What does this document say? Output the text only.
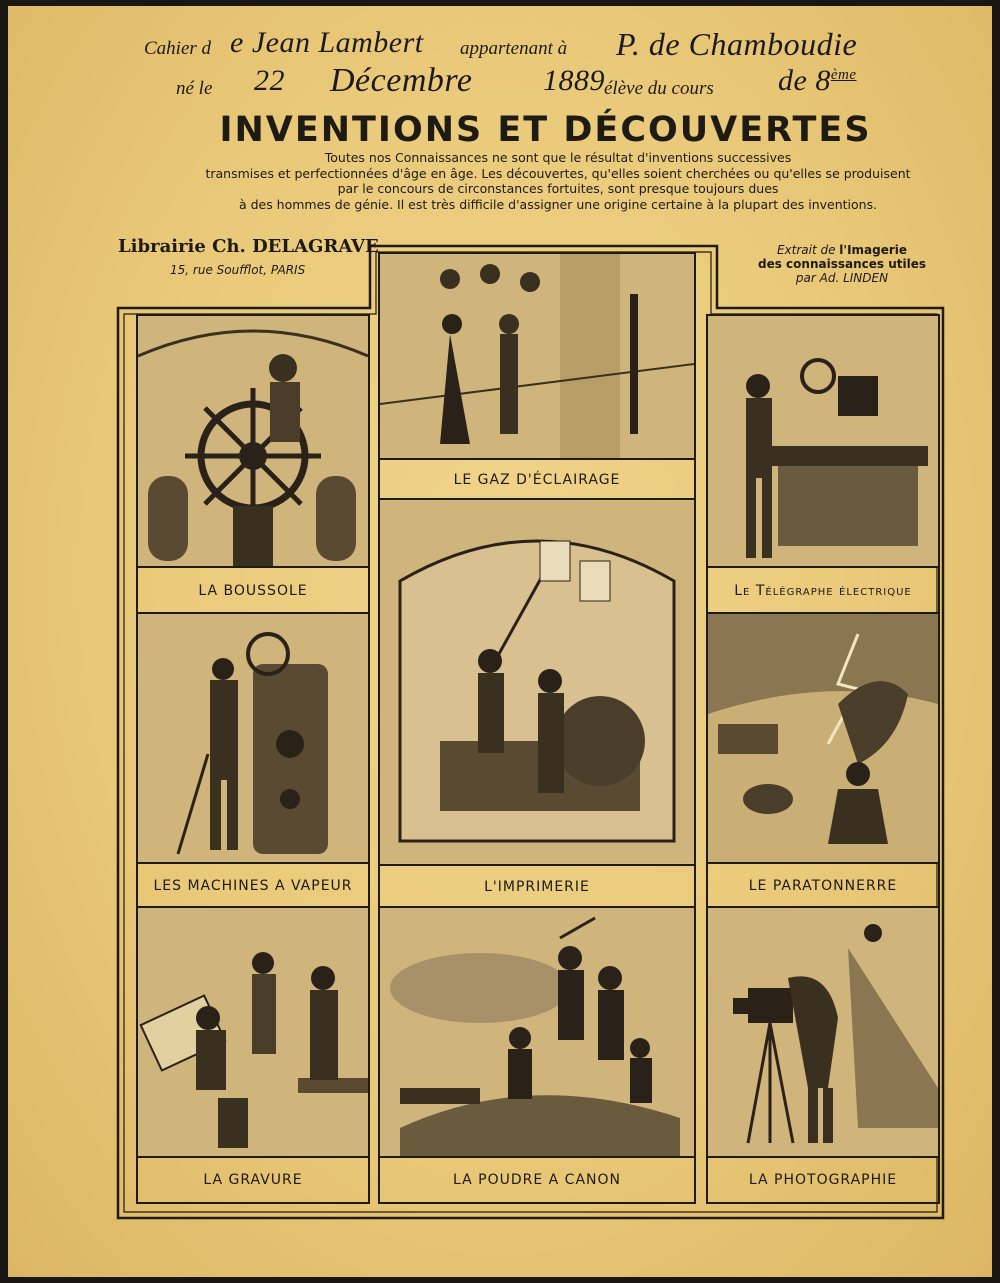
Cahier d e Jean Lambert appartenant à P. de Chamboudie
né le 22 Décembre 1889 élève du cours de 8ème
INVENTIONS ET DÉCOUVERTES
Toutes nos Connaissances ne sont que le résultat d'inventions successives
transmises et perfectionnées d'âge en âge. Les découvertes, qu'elles soient cherchées ou qu'elles se produisent
par le concours de circonstances fortuites, sont presque toujours dues
à des hommes de génie. Il est très difficile d'assigner une origine certaine à la plupart des inventions.
Librairie Ch. DELAGRAVE
15, rue Soufflot, PARIS
Extrait de l'Imagerie
des connaissances utiles
par Ad. LINDEN
LA BOUSSOLE
LE GAZ D'ÉCLAIRAGE
Le Télégraphe électrique
LES MACHINES A VAPEUR	L'IMPRIMERIE	LE PARATONNERRE
LA GRAVURE	LA POUDRE A CANON	LA PHOTOGRAPHIE
